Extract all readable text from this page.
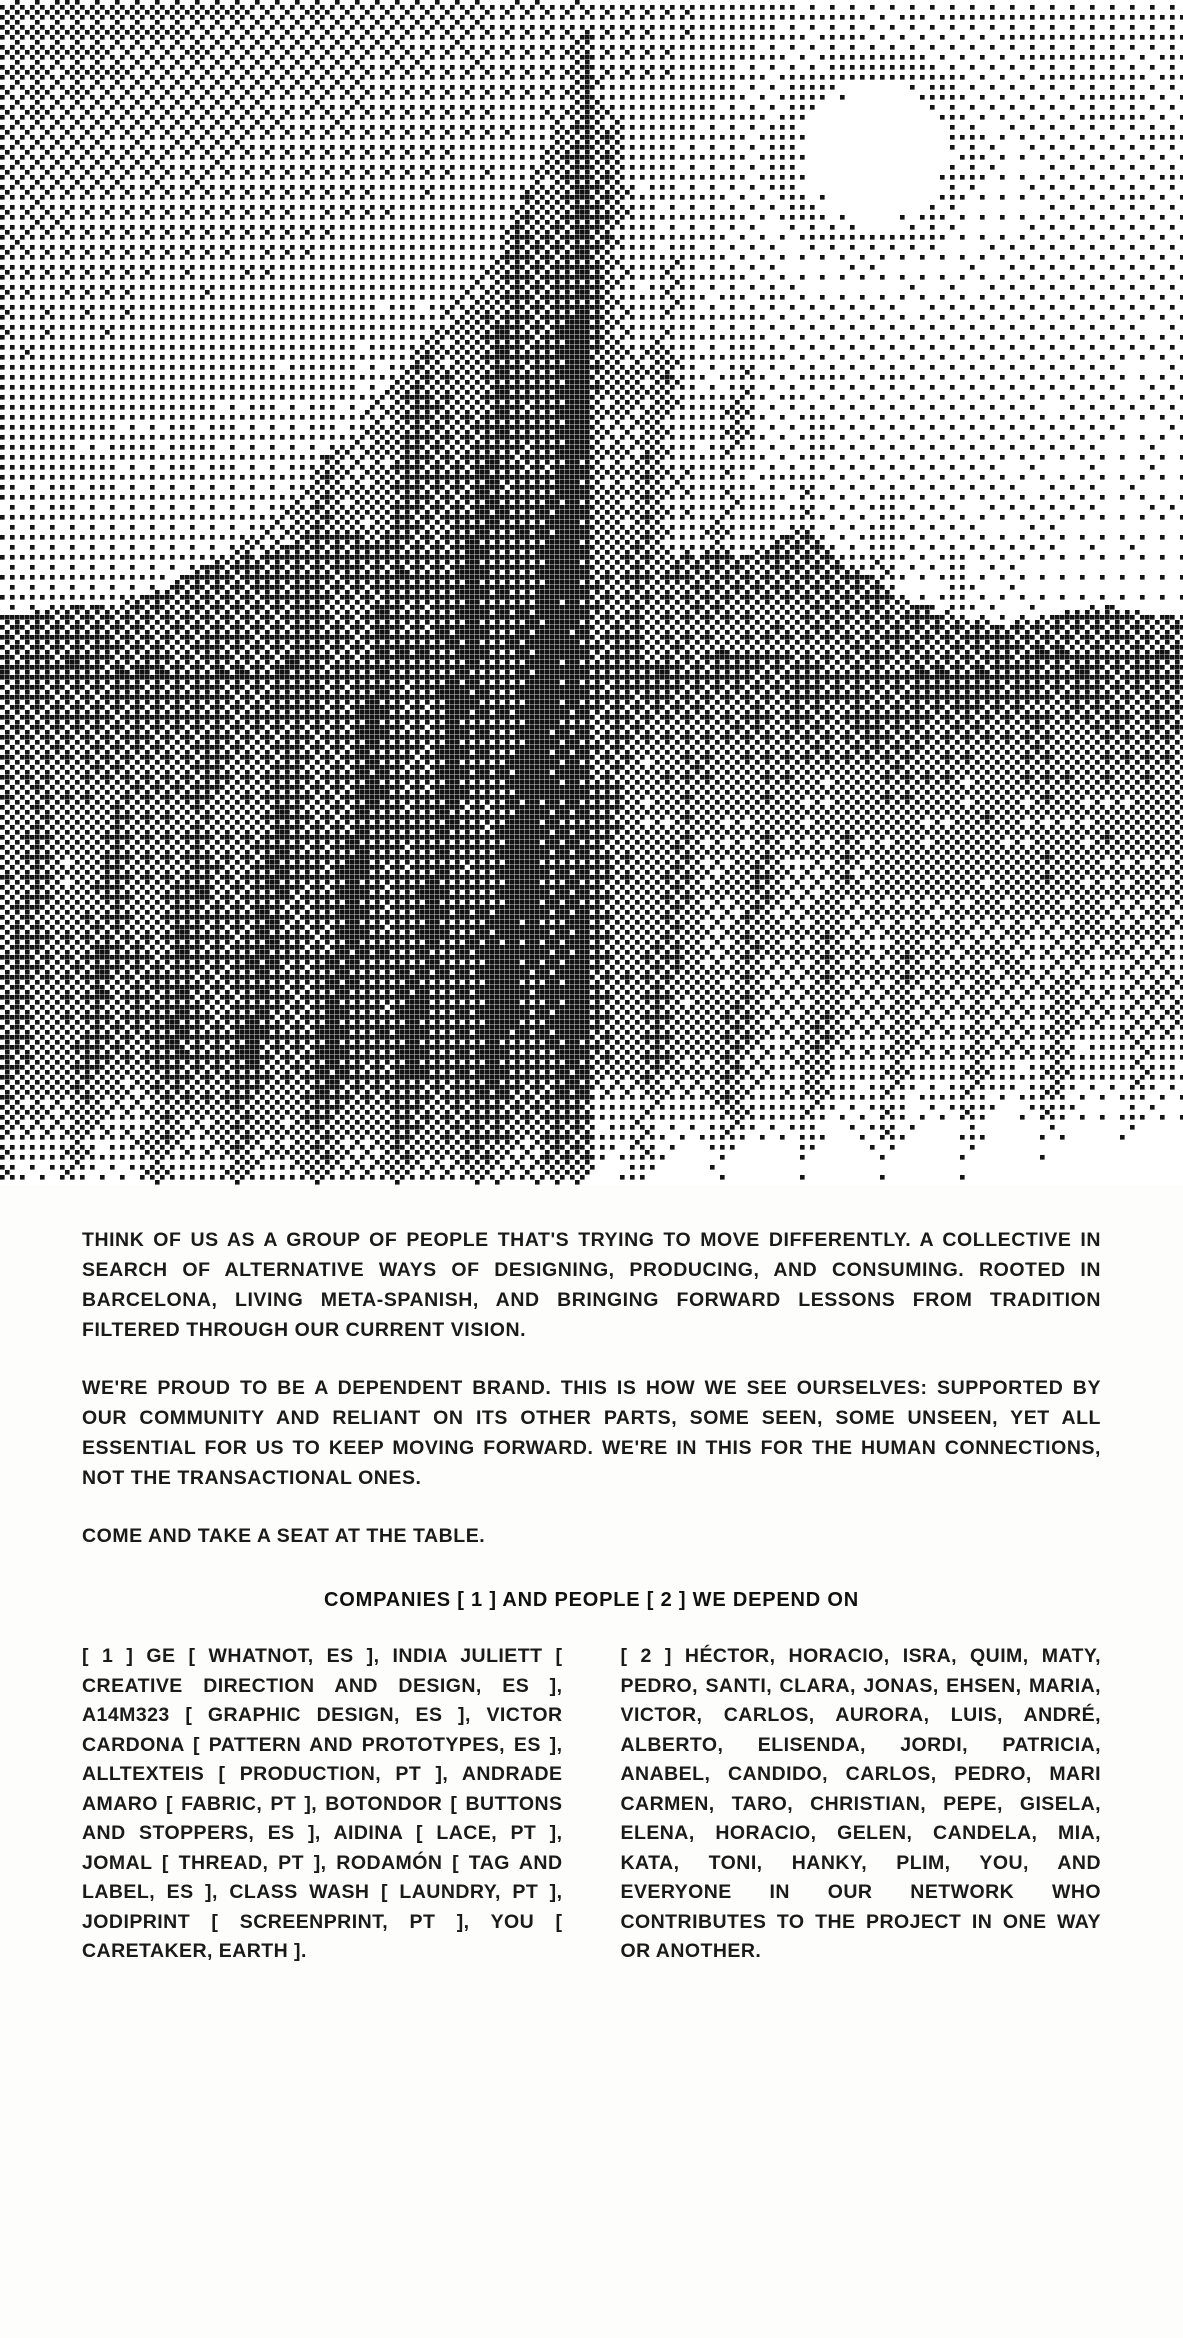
THINK OF US AS A GROUP OF PEOPLE THAT'S TRYING TO MOVE DIFFERENTLY. A COLLECTIVE IN SEARCH OF ALTERNATIVE WAYS OF DESIGNING, PRODUCING, AND CONSUMING. ROOTED IN BARCELONA, LIVING META-SPANISH, AND BRINGING FORWARD LESSONS FROM TRADITION FILTERED THROUGH OUR CURRENT VISION.

WE'RE PROUD TO BE A DEPENDENT BRAND. THIS IS HOW WE SEE OURSELVES: SUPPORTED BY OUR COMMUNITY AND RELIANT ON ITS OTHER PARTS, SOME SEEN, SOME UNSEEN, YET ALL ESSENTIAL FOR US TO KEEP MOVING FORWARD. WE'RE IN THIS FOR THE HUMAN CONNECTIONS, NOT THE TRANSACTIONAL ONES.

COME AND TAKE A SEAT AT THE TABLE.

COMPANIES [ 1 ] AND PEOPLE [ 2 ] WE DEPEND ON
[ 1 ] GE [ WHATNOT, ES ], INDIA JULIETT [ CREATIVE DIRECTION AND DESIGN, ES ], A14M323 [ GRAPHIC DESIGN, ES ], VICTOR CARDONA [ PATTERN AND PROTOTYPES, ES ], ALLTEXTEIS [ PRODUCTION, PT ], ANDRADE AMARO [ FABRIC, PT ], BOTONDOR [ BUTTONS AND STOPPERS, ES ], AIDINA [ LACE, PT ], JOMAL [ THREAD, PT ], RODAMÓN [ TAG AND LABEL, ES ], CLASS WASH [ LAUNDRY, PT ], JODIPRINT [ SCREENPRINT, PT ], YOU [ CARETAKER, EARTH ].
[ 2 ] HÉCTOR, HORACIO, ISRA, QUIM, MATY, PEDRO, SANTI, CLARA, JONAS, EHSEN, MARIA, VICTOR, CARLOS, AURORA, LUIS, ANDRÉ, ALBERTO, ELISENDA, JORDI, PATRICIA, ANABEL, CANDIDO, CARLOS, PEDRO, MARI CARMEN, TARO, CHRISTIAN, PEPE, GISELA, ELENA, HORACIO, GELEN, CANDELA, MIA, KATA, TONI, HANKY, PLIM, YOU, AND EVERYONE IN OUR NETWORK WHO CONTRIBUTES TO THE PROJECT IN ONE WAY OR ANOTHER.
